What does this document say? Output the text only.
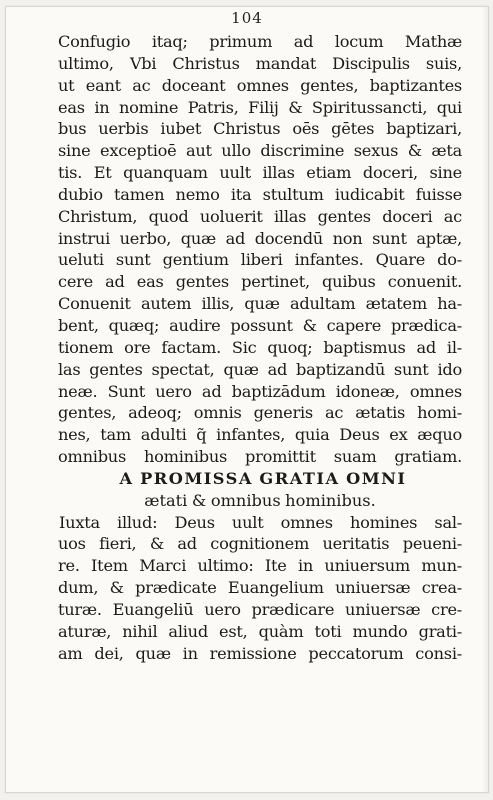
104
Confugio itaq; primum ad locum Mathæ
ultimo, Vbi Christus mandat Discipulis suis,
ut eant ac doceant omnes gentes, baptizantes
eas in nomine Patris, Filij & Spiritussancti, qui
bus uerbis iubet Christus oēs gētes baptizari,
sine exceptioē aut ullo discrimine sexus & æta
tis. Et quanquam uult illas etiam doceri, sine
dubio tamen nemo ita stultum iudicabit fuisse
Christum, quod uoluerit illas gentes doceri ac
instrui uerbo, quæ ad docendū non sunt aptæ,
ueluti sunt gentium liberi infantes. Quare do-
cere ad eas gentes pertinet, quibus conuenit.
Conuenit autem illis, quæ adultam ætatem ha-
bent, quæq; audire possunt & capere prædica-
tionem ore factam. Sic quoq; baptismus ad il-
las gentes spectat, quæ ad baptizandū sunt ido
neæ. Sunt uero ad baptizādum idoneæ, omnes
gentes, adeoq; omnis generis ac ætatis homi-
nes, tam adulti q̃ infantes, quia Deus ex æquo
omnibus hominibus promittit suam gratiam.
A PROMISSA GRATIA OMNI
ætati & omnibus hominibus.
Iuxta illud: Deus uult omnes homines sal-
uos fieri, & ad cognitionem ueritatis peueni-
re. Item Marci ultimo: Ite in uniuersum mun-
dum, & prædicate Euangelium uniuersæ crea-
turæ. Euangeliū uero prædicare uniuersæ cre-
aturæ, nihil aliud est, quàm toti mundo grati-
am dei, quæ in remissione peccatorum consi-
